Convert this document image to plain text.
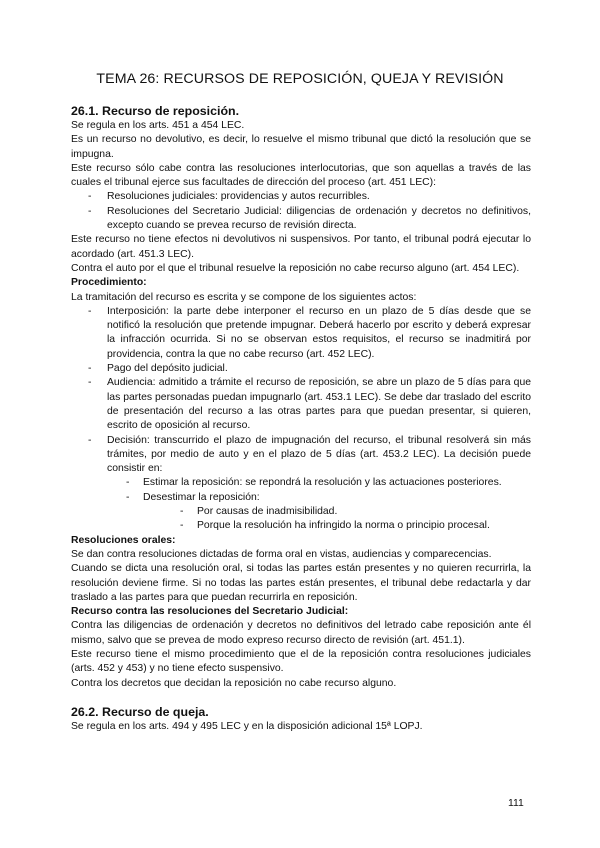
TEMA 26: RECURSOS DE REPOSICIÓN, QUEJA Y REVISIÓN

26.1. Recurso de reposición.

Se regula en los arts. 451 a 454 LEC.

Es un recurso no devolutivo, es decir, lo resuelve el mismo tribunal que dictó la resolución que se impugna.

Este recurso sólo cabe contra las resoluciones interlocutorias, que son aquellas a través de las cuales el tribunal ejerce sus facultades de dirección del proceso (art. 451 LEC):

- Resoluciones judiciales: providencias y autos recurribles.
- Resoluciones del Secretario Judicial: diligencias de ordenación y decretos no definitivos, excepto cuando se prevea recurso de revisión directa.

Este recurso no tiene efectos ni devolutivos ni suspensivos. Por tanto, el tribunal podrá ejecutar lo acordado (art. 451.3 LEC).

Contra el auto por el que el tribunal resuelve la reposición no cabe recurso alguno (art. 454 LEC).

Procedimiento:

La tramitación del recurso es escrita y se compone de los siguientes actos:

- Interposición: la parte debe interponer el recurso en un plazo de 5 días desde que se notificó la resolución que pretende impugnar. Deberá hacerlo por escrito y deberá expresar la infracción ocurrida. Si no se observan estos requisitos, el recurso se inadmitirá por providencia, contra la que no cabe recurso (art. 452 LEC).
- Pago del depósito judicial.
- Audiencia: admitido a trámite el recurso de reposición, se abre un plazo de 5 días para que las partes personadas puedan impugnarlo (art. 453.1 LEC). Se debe dar traslado del escrito de presentación del recurso a las otras partes para que puedan presentar, si quieren, escrito de oposición al recurso.
- Decisión: transcurrido el plazo de impugnación del recurso, el tribunal resolverá sin más trámites, por medio de auto y en el plazo de 5 días (art. 453.2 LEC). La decisión puede consistir en:
- Estimar la reposición: se repondrá la resolución y las actuaciones posteriores.
- Desestimar la reposición:
- Por causas de inadmisibilidad.
- Porque la resolución ha infringido la norma o principio procesal.

Resoluciones orales:

Se dan contra resoluciones dictadas de forma oral en vistas, audiencias y comparecencias.

Cuando se dicta una resolución oral, si todas las partes están presentes y no quieren recurrirla, la resolución deviene firme. Si no todas las partes están presentes, el tribunal debe redactarla y dar traslado a las partes para que puedan recurrirla en reposición.

Recurso contra las resoluciones del Secretario Judicial:

Contra las diligencias de ordenación y decretos no definitivos del letrado cabe reposición ante él mismo, salvo que se prevea de modo expreso recurso directo de revisión (art. 451.1).

Este recurso tiene el mismo procedimiento que el de la reposición contra resoluciones judiciales (arts. 452 y 453) y no tiene efecto suspensivo.

Contra los decretos que decidan la reposición no cabe recurso alguno.

26.2. Recurso de queja.

Se regula en los arts. 494 y 495 LEC y en la disposición adicional 15ª LOPJ.

111
